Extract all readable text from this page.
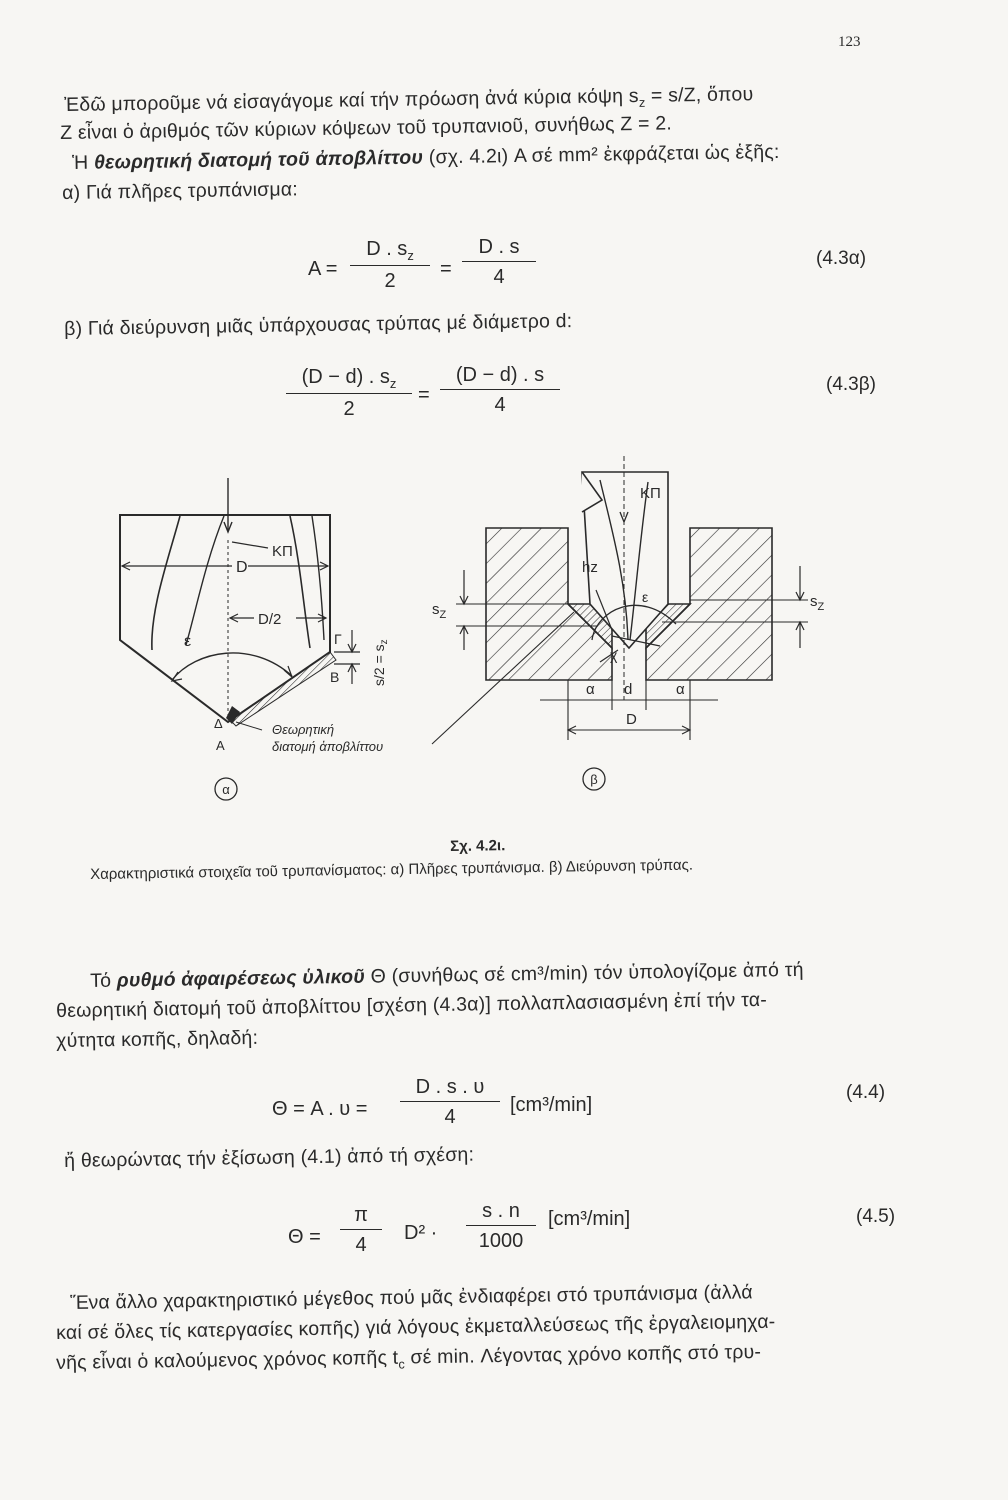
123
Ἐδῶ μποροῦμε νά εἰσαγάγομε καί τήν πρόωση ἀνά κύρια κόψη $s_z = s/Z$, ὅπου
Z εἶναι ὁ ἀριθμός τῶν κύριων κόψεων τοῦ τρυπανιοῦ, συνήθως Z = 2.
Ἡ θεωρητική διατομή τοῦ ἀποβλίττου (σχ. 4.2ι) A σέ mm² ἐκφράζεται ὡς ἑξῆς:
α) Γιά πλῆρες τρυπάνισμα:
$A = \frac{D . s_z}{2} = \frac{D . s}{4}$	(4.3α)
β) Γιά διεύρυνση μιᾶς ὑπάρχουσας τρύπας μέ διάμετρο d:
$\frac{(D - d) . s_z}{2} = \frac{(D - d) . s}{4}$	(4.3β)
ΚΠ
D
D/2
ε	Γ
B
Δ
A
$s/2 = s_z$
Θεωρητική
διατομή ἀποβλίττου
α
ΚΠ
hz
ε
χ
$s_Z$
$s_Z$
α d	α
D
β
Σχ. 4.2ι.
Χαρακτηριστικά στοιχεῖα τοῦ τρυπανίσματος: α) Πλῆρες τρυπάνισμα. β) Διεύρυνση τρύπας.
Τό ρυθμό ἀφαιρέσεως ὑλικοῦ Θ (συνήθως σέ cm³/min) τόν ὑπολογίζομε ἀπό τή
θεωρητική διατομή τοῦ ἀποβλίττου [σχέση (4.3α)] πολλαπλασιασμένη ἐπί τήν τα-
χύτητα κοπῆς, δηλαδή:
Θ = A . $\upsilon = \frac{D . s . \upsilon}{4} [cm^3/\min]$
(4.4)
ἤ θεωρώντας τήν ἐξίσωση (4.1) ἀπό τή σχέση:
$\Theta = \frac{\pi}{4} D^2 \cdot \frac{s . n}{1000} [cm^3/\min]$	(4.5)
Ἕνα ἄλλο χαρακτηριστικό μέγεθος πού μᾶς ἐνδιαφέρει στό τρυπάνισμα (ἀλλά
καί σέ ὅλες τίς κατεργασίες κοπῆς) γιά λόγους ἐκμεταλλεύσεως τῆς ἐργαλειομηχα-
νῆς εἶναι ὁ καλούμενος χρόνος κοπῆς $t_c$ σέ min. Λέγοντας χρόνο κοπῆς στό τρυ-
